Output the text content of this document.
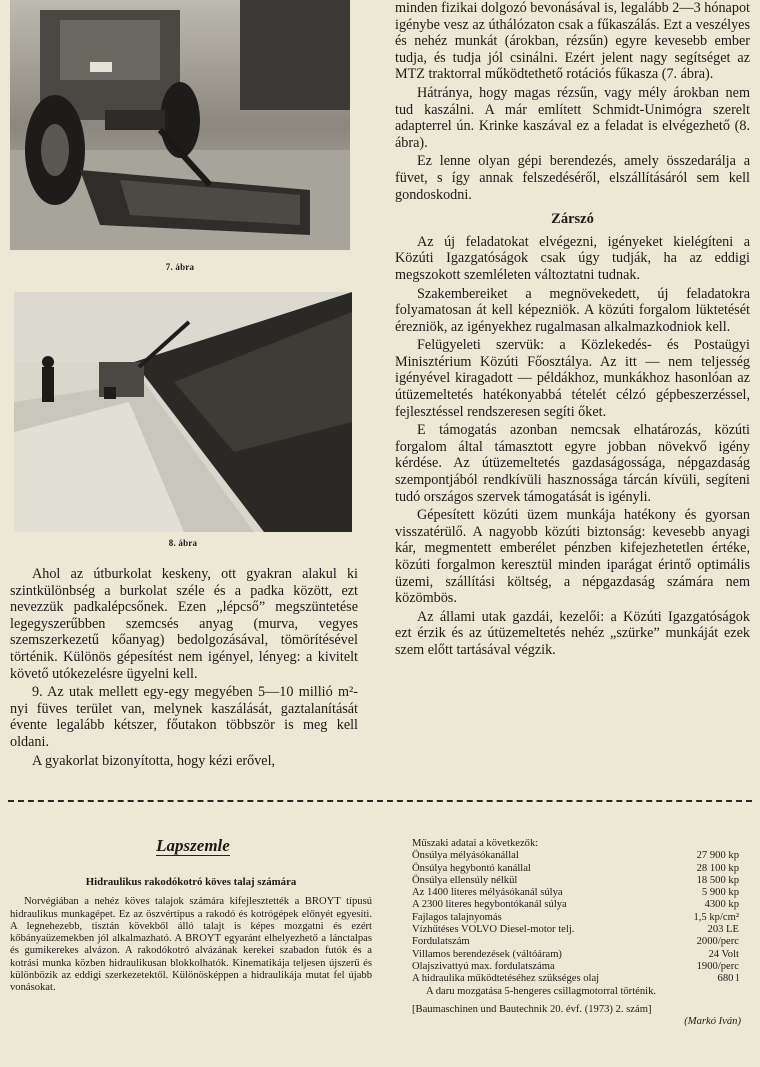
7. ábra
8. ábra

Ahol az útburkolat keskeny, ott gyakran alakul ki szintkülönbség a burkolat széle és a padka között, ezt nevezzük padkalépcsőnek. Ezen „lépcső” megszüntetése legegyszerűbben szemcsés anyag (murva, vegyes szemszerkezetű kőanyag) bedolgozásával, tömörítésével történik. Különös gépesítést nem igényel, lényeg: a kivitelt követő utókezelésre ügyelni kell.

9. Az utak mellett egy-egy megyében 5—10 millió m²-nyi füves terület van, melynek kaszálását, gaztalanítását évente legalább kétszer, főutakon többször is meg kell oldani.

A gyakorlat bizonyította, hogy kézi erővel,

minden fizikai dolgozó bevonásával is, legalább 2—3 hónapot igénybe vesz az úthálózaton csak a fűkaszálás. Ezt a veszélyes és nehéz munkát (árokban, rézsűn) egyre kevesebb ember tudja, és tudja jól csinálni. Ezért jelent nagy segítséget az MTZ traktorral működtethető rotációs fűkasza (7. ábra).

Hátránya, hogy magas rézsűn, vagy mély árokban nem tud kaszálni. A már említett Schmidt-Unimógra szerelt adapterrel ún. Krinke kaszával ez a feladat is elvégezhető (8. ábra).

Ez lenne olyan gépi berendezés, amely összedarálja a füvet, s így annak felszedéséről, elszállításáról sem kell gondoskodni.

Zárszó

Az új feladatokat elvégezni, igényeket kielégíteni a Közúti Igazgatóságok csak úgy tudják, ha az eddigi megszokott szemléleten változtatni tudnak.

Szakembereiket a megnövekedett, új feladatokra folyamatosan át kell képezniök. A közúti forgalom lüktetését érezniök, az igényekhez rugalmasan alkalmazkodniok kell.

Felügyeleti szervük: a Közlekedés- és Postaügyi Minisztérium Közúti Főosztálya. Az itt — nem teljesség igényével kiragadott — példákhoz, munkákhoz hasonlóan az útüzemeltetés hatékonyabbá tételét célzó gépbeszerzéssel, fejlesztéssel rendszeresen segíti őket.

E támogatás azonban nemcsak elhatározás, közúti forgalom által támasztott egyre jobban növekvő igény kérdése. Az útüzemeltetés gazdaságossága, népgazdaság szempontjából rendkívüli hasznossága tárcán kívüli, segíteni tudó országos szervek támogatását is igényli.

Gépesített közúti üzem munkája hatékony és gyorsan visszatérülő. A nagyobb közúti biztonság: kevesebb anyagi kár, megmentett emberélet pénzben kifejezhetetlen értéke, közúti forgalmon keresztül minden iparágat érintő optimális üzemi, szállítási költség, a népgazdaság számára nem közömbös.

Az állami utak gazdái, kezelői: a Közúti Igazgatóságok ezt érzik és az útüzemeltetés nehéz „szürke” munkáját ezek szem előtt tartásával végzik.

Lapszemle
Hidraulikus rakodókotró köves talaj számára

Norvégiában a nehéz köves talajok számára kifejlesztették a BROYT típusú hidraulikus munkagépet. Ez az öszvértípus a rakodó és kotrógépek előnyét egyesíti. A legnehezebb, tisztán kövekből álló talajt is képes mozgatni és ezért kőbányaüzemekben jól alkalmazható. A BROYT egyaránt elhelyezhető a lánctalpas és gumikerekes alvázon. A rakodókotró alvázának kerekei szabadon futók és a kotrási munka közben hidraulikusan blokkolhatók. Kinematikája teljesen újszerű és különbözik az eddigi szerkezetektől. Különösképpen a hidraulikája mutat fel újabb vonásokat.

Műszaki adatai a következők:
Önsúlya mélyásókanállal	27 900 kp
Önsúlya hegybontó kanállal	28 100 kp
Önsúlya ellensúly nélkül	18 500 kp
Az 1400 literes mélyásókanál súlya	5 900 kp
A 2300 literes hegybontókanál súlya	4300 kp
Fajlagos talajnyomás	1,5 kp/cm²
Vízhűtéses VOLVO Diesel-motor telj.	203 LE
Fordulatszám	2000/perc
Villamos berendezések (váltóáram)	24 Volt
Olajszivattyú max. fordulatszáma	1900/perc
A hidraulika működtetéséhez szükséges olaj	680 l
A daru mozgatása 5-hengeres csillagmotorral történik.
[Baumaschinen und Bautechnik 20. évf. (1973) 2. szám]
(Markó Iván)
